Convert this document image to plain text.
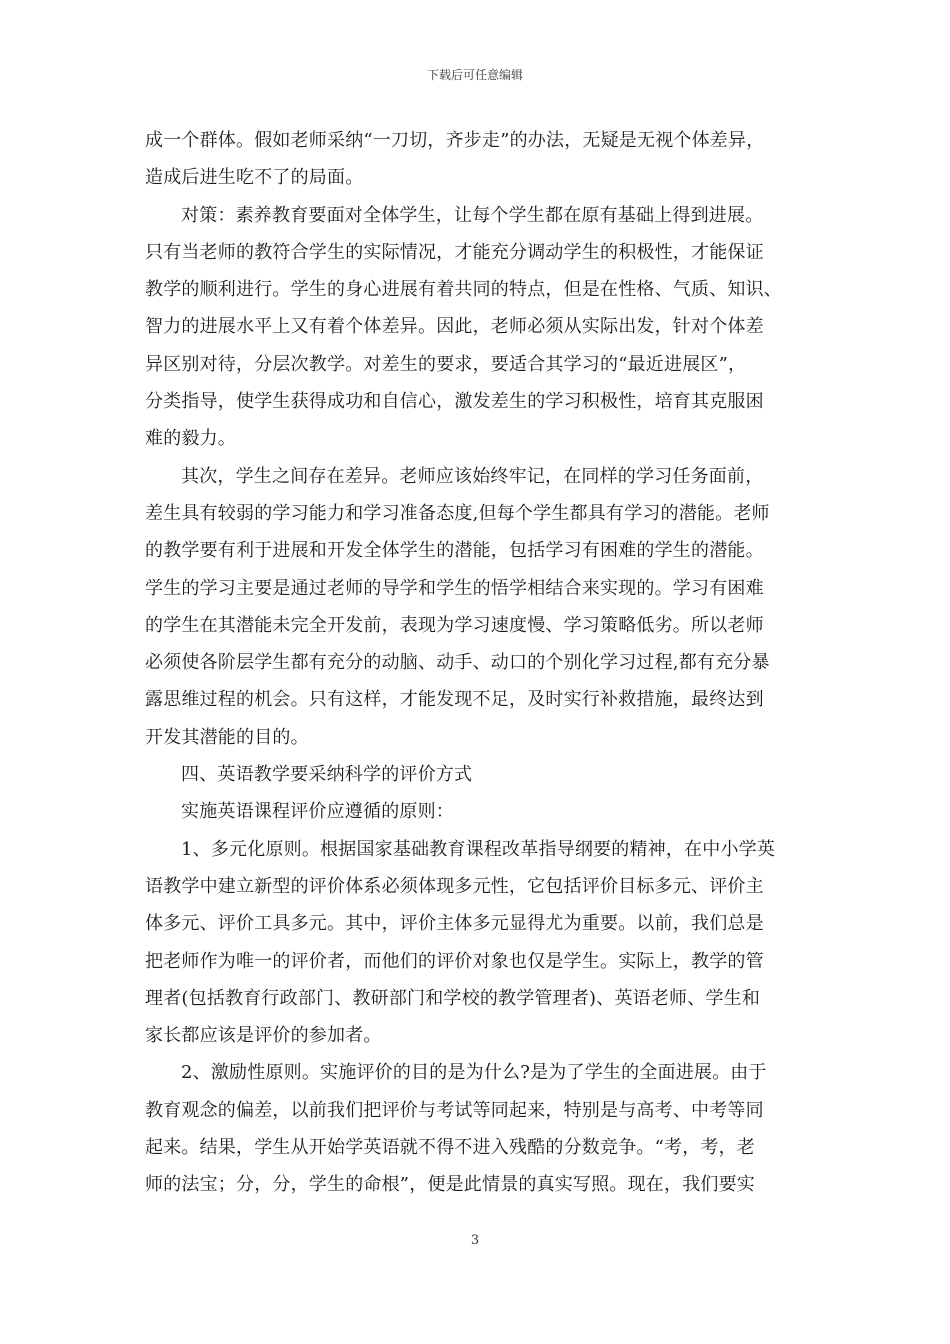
下载后可任意编辑
成一个群体。假如老师采纳“一刀切，齐步走”的办法，无疑是无视个体差异，
造成后进生吃不了的局面。
对策：素养教育要面对全体学生，让每个学生都在原有基础上得到进展。
只有当老师的教符合学生的实际情况，才能充分调动学生的积极性，才能保证
教学的顺利进行。学生的身心进展有着共同的特点，但是在性格、气质、知识、
智力的进展水平上又有着个体差异。因此，老师必须从实际出发，针对个体差
异区别对待，分层次教学。对差生的要求，要适合其学习的“最近进展区”，
分类指导，使学生获得成功和自信心，激发差生的学习积极性，培育其克服困
难的毅力。
其次，学生之间存在差异。老师应该始终牢记，在同样的学习任务面前，
差生具有较弱的学习能力和学习准备态度,但每个学生都具有学习的潜能。老师
的教学要有利于进展和开发全体学生的潜能，包括学习有困难的学生的潜能。
学生的学习主要是通过老师的导学和学生的悟学相结合来实现的。学习有困难
的学生在其潜能未完全开发前，表现为学习速度慢、学习策略低劣。所以老师
必须使各阶层学生都有充分的动脑、动手、动口的个别化学习过程,都有充分暴
露思维过程的机会。只有这样，才能发现不足，及时实行补救措施，最终达到
开发其潜能的目的。
四、英语教学要采纳科学的评价方式
实施英语课程评价应遵循的原则：
1、多元化原则。根据国家基础教育课程改革指导纲要的精神，在中小学英
语教学中建立新型的评价体系必须体现多元性，它包括评价目标多元、评价主
体多元、评价工具多元。其中，评价主体多元显得尤为重要。以前，我们总是
把老师作为唯一的评价者，而他们的评价对象也仅是学生。实际上，教学的管
理者(包括教育行政部门、教研部门和学校的教学管理者)、英语老师、学生和
家长都应该是评价的参加者。
2、激励性原则。实施评价的目的是为什么?是为了学生的全面进展。由于
教育观念的偏差，以前我们把评价与考试等同起来，特别是与高考、中考等同
起来。结果，学生从开始学英语就不得不进入残酷的分数竞争。“考，考，老
师的法宝；分，分，学生的命根”，便是此情景的真实写照。现在，我们要实
3
